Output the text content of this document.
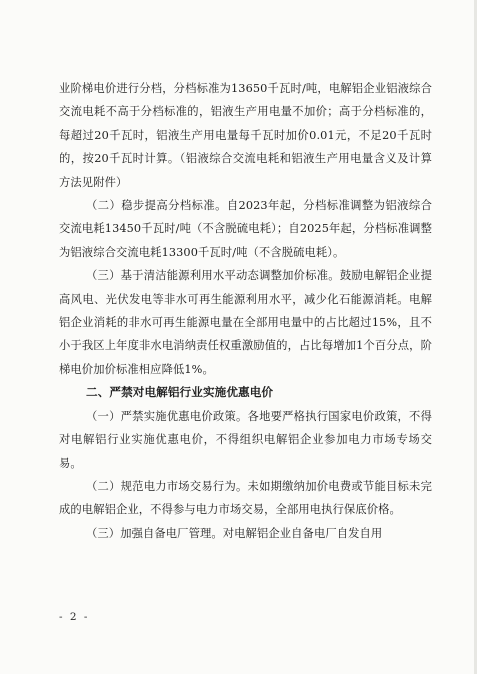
业阶梯电价进行分档，分档标准为13650千瓦时/吨，电解铝企业铝液综合交流电耗不高于分档标准的，铝液生产用电量不加价；高于分档标准的，每超过20千瓦时，铝液生产用电量每千瓦时加价0.01元，不足20千瓦时的，按20千瓦时计算。（铝液综合交流电耗和铝液生产用电量含义及计算方法见附件）

（二）稳步提高分档标准。自2023年起，分档标准调整为铝液综合交流电耗13450千瓦时/吨（不含脱硫电耗）；自2025年起，分档标准调整为铝液综合交流电耗13300千瓦时/吨（不含脱硫电耗）。

（三）基于清洁能源利用水平动态调整加价标准。鼓励电解铝企业提高风电、光伏发电等非水可再生能源利用水平，减少化石能源消耗。电解铝企业消耗的非水可再生能源电量在全部用电量中的占比超过15%，且不小于我区上年度非水电消纳责任权重激励值的，占比每增加1个百分点，阶梯电价加价标准相应降低1%。

二、严禁对电解铝行业实施优惠电价

（一）严禁实施优惠电价政策。各地要严格执行国家电价政策，不得对电解铝行业实施优惠电价，不得组织电解铝企业参加电力市场专场交易。

（二）规范电力市场交易行为。未如期缴纳加价电费或节能目标未完成的电解铝企业，不得参与电力市场交易，全部用电执行保底价格。

（三）加强自备电厂管理。对电解铝企业自备电厂自发自用

- 2 -
